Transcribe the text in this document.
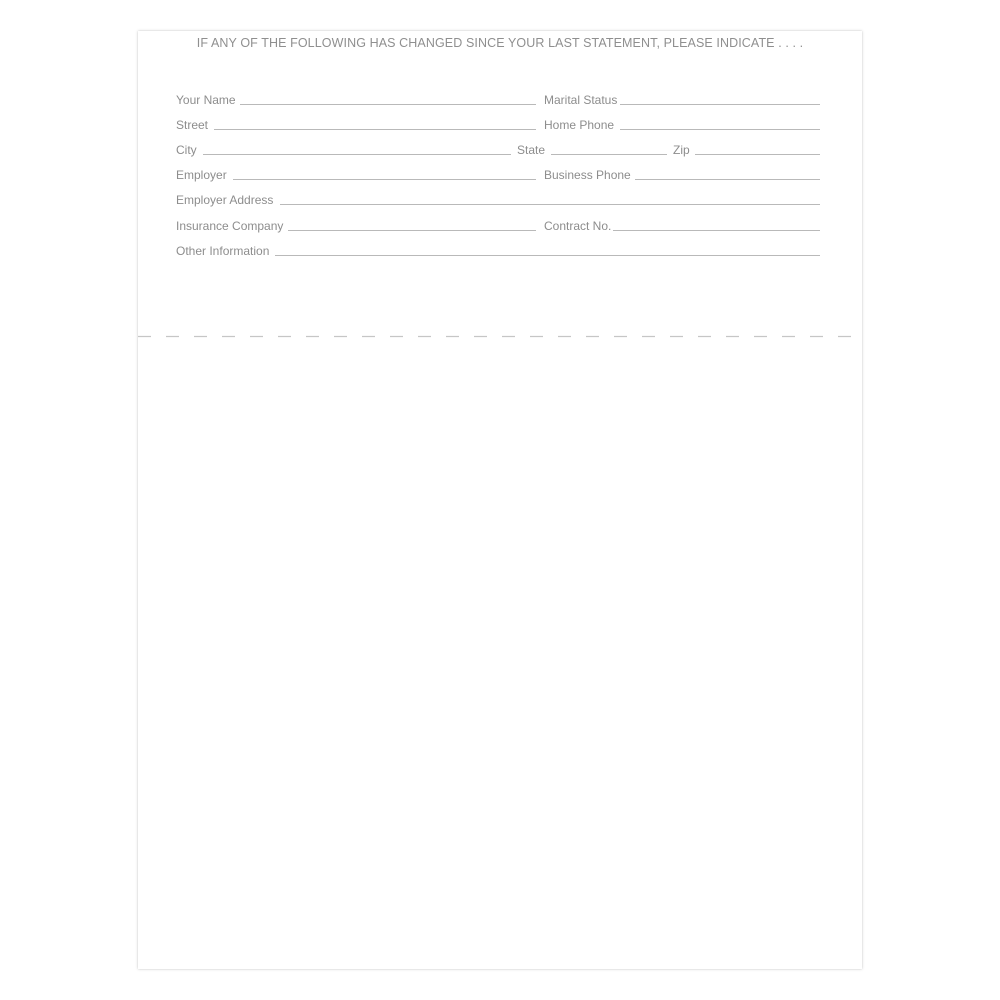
IF ANY OF THE FOLLOWING HAS CHANGED SINCE YOUR LAST STATEMENT, PLEASE INDICATE . . . .
Your Name	Marital Status
Street	Home Phone
City	State	Zip
Employer	Business Phone
Employer Address
Insurance Company	Contract No.
Other Information
